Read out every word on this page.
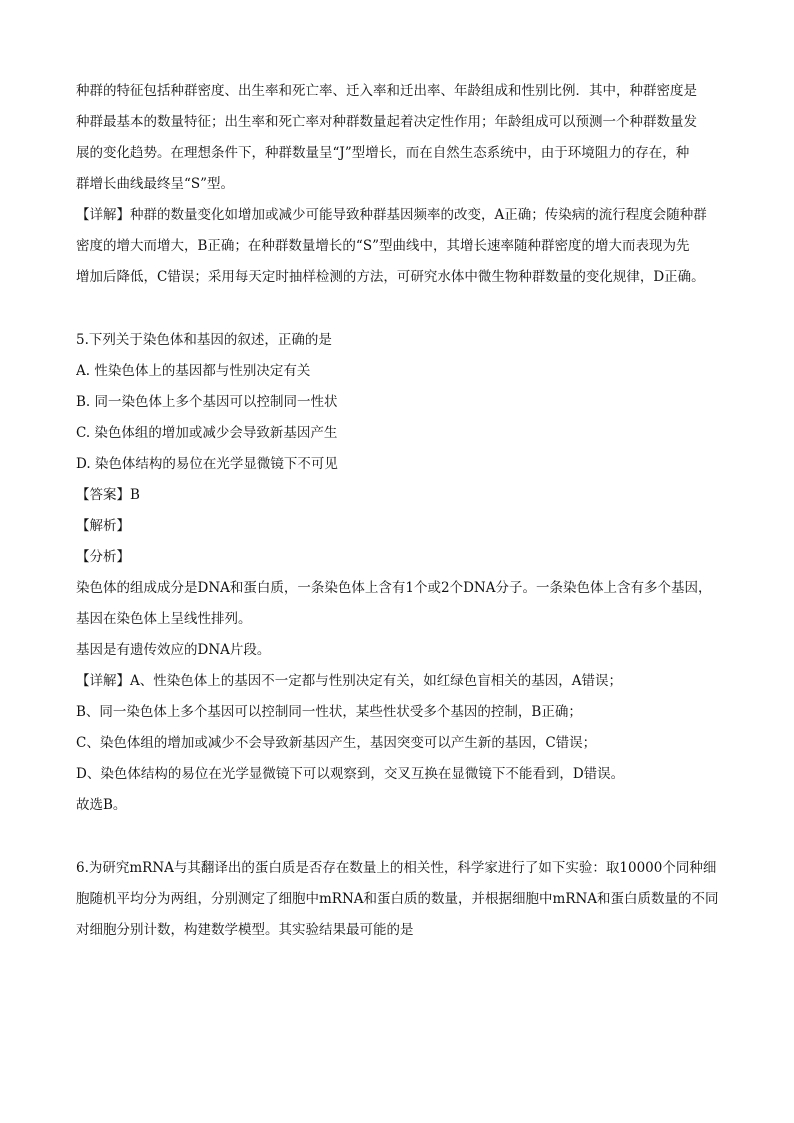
种群的特征包括种群密度、出生率和死亡率、迁入率和迁出率、年龄组成和性别比例．其中，种群密度是
种群最基本的数量特征；出生率和死亡率对种群数量起着决定性作用；年龄组成可以预测一个种群数量发
展的变化趋势。在理想条件下，种群数量呈“J”型增长，而在自然生态系统中，由于环境阻力的存在，种
群增长曲线最终呈“S”型。
【详解】种群的数量变化如增加或减少可能导致种群基因频率的改变，A正确；传染病的流行程度会随种群
密度的增大而增大，B正确；在种群数量增长的“S”型曲线中，其增长速率随种群密度的增大而表现为先
增加后降低，C错误；采用每天定时抽样检测的方法，可研究水体中微生物种群数量的变化规律，D正确。
5.下列关于染色体和基因的叙述，正确的是
A. 性染色体上的基因都与性别决定有关
B. 同一染色体上多个基因可以控制同一性状
C. 染色体组的增加或减少会导致新基因产生
D. 染色体结构的易位在光学显微镜下不可见
【答案】B
【解析】
【分析】
染色体的组成成分是DNA和蛋白质，一条染色体上含有1个或2个DNA分子。一条染色体上含有多个基因，
基因在染色体上呈线性排列。
基因是有遗传效应的DNA片段。
【详解】A、性染色体上的基因不一定都与性别决定有关，如红绿色盲相关的基因，A错误；
B、同一染色体上多个基因可以控制同一性状，某些性状受多个基因的控制，B正确；
C、染色体组的增加或减少不会导致新基因产生，基因突变可以产生新的基因，C错误；
D、染色体结构的易位在光学显微镜下可以观察到，交叉互换在显微镜下不能看到，D错误。
故选B。
6.为研究mRNA与其翻译出的蛋白质是否存在数量上的相关性，科学家进行了如下实验：取10000个同种细
胞随机平均分为两组，分别测定了细胞中mRNA和蛋白质的数量，并根据细胞中mRNA和蛋白质数量的不同
对细胞分别计数，构建数学模型。其实验结果最可能的是
